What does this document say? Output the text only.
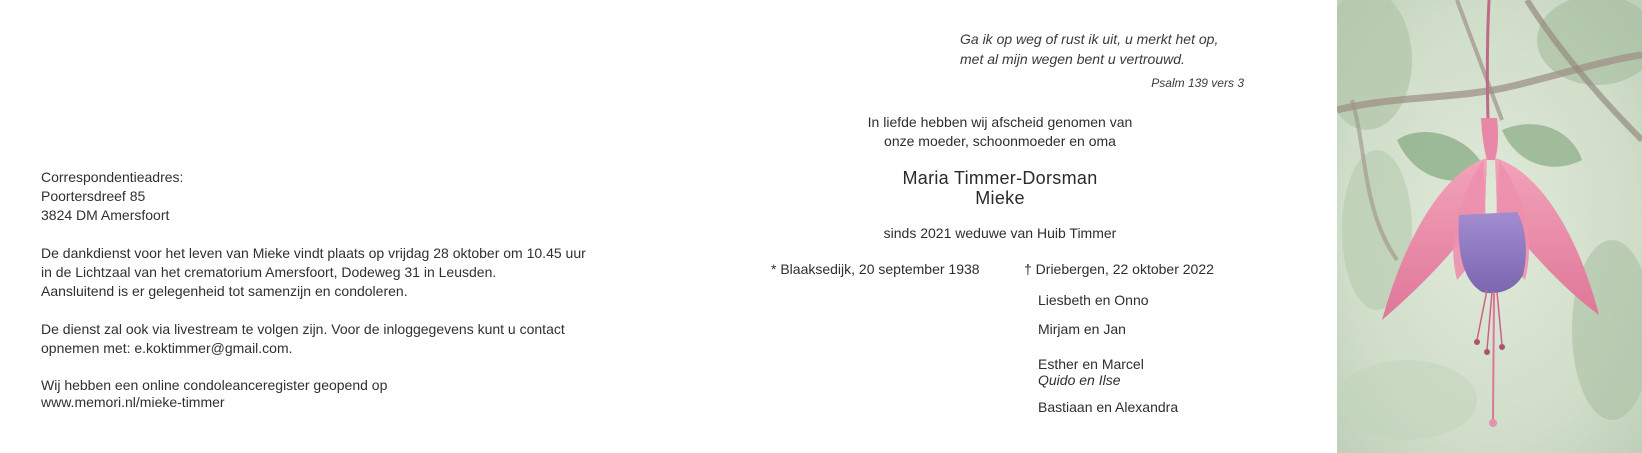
Correspondentieadres:
Poortersdreef 85
3824 DM Amersfoort
De dankdienst voor het leven van Mieke vindt plaats op vrijdag 28 oktober om 10.45 uur
in de Lichtzaal van het crematorium Amersfoort, Dodeweg 31 in Leusden.
Aansluitend is er gelegenheid tot samenzijn en condoleren.
De dienst zal ook via livestream te volgen zijn. Voor de inloggegevens kunt u contact
opnemen met: e.koktimmer@gmail.com.
Wij hebben een online condoleanceregister geopend op
www.memori.nl/mieke-timmer
Ga ik op weg of rust ik uit, u merkt het op,
met al mijn wegen bent u vertrouwd.
Psalm 139 vers 3
In liefde hebben wij afscheid genomen van
onze moeder, schoonmoeder en oma
Maria Timmer-Dorsman
Mieke
sinds 2021 weduwe van Huib Timmer
* Blaaksedijk, 20 september 1938	† Driebergen, 22 oktober 2022
Liesbeth en Onno
Mirjam en Jan
Esther en Marcel
Quido en Ilse
Bastiaan en Alexandra
